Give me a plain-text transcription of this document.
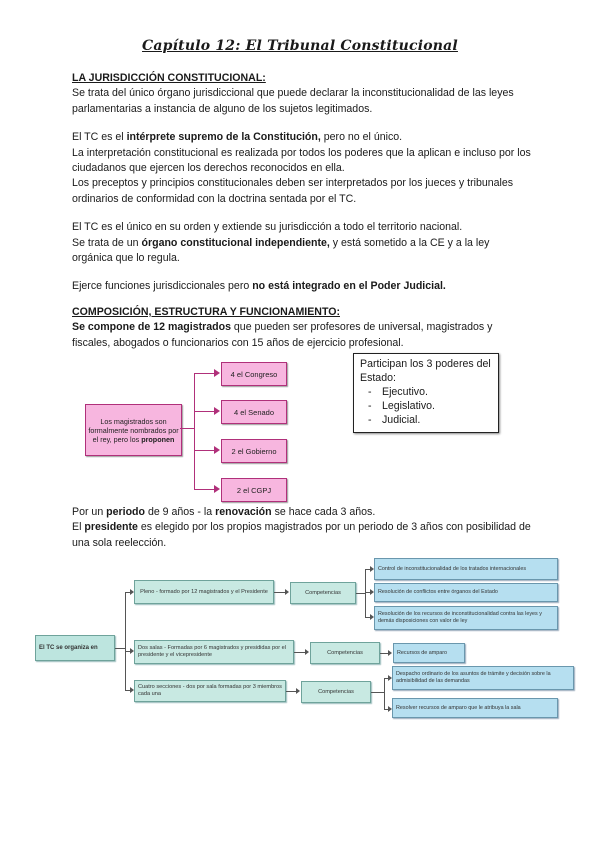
Capítulo 12: El Tribunal Constitucional

LA JURISDICCIÓN CONSTITUCIONAL:

Se trata del único órgano jurisdiccional que puede declarar la inconstitucionalidad de las leyes parlamentarias a instancia de alguno de los sujetos legitimados.

El TC es el intérprete supremo de la Constitución, pero no el único.

La interpretación constitucional es realizada por todos los poderes que la aplican e incluso por los ciudadanos que ejercen los derechos reconocidos en ella.

Los preceptos y principios constitucionales deben ser interpretados por los jueces y tribunales ordinarios de conformidad con la doctrina sentada por el TC.

El TC es el único en su orden y extiende su jurisdicción a todo el territorio nacional.

Se trata de un órgano constitucional independiente, y está sometido a la CE y a la ley orgánica que lo regula.

Ejerce funciones jurisdiccionales pero no está integrado en el Poder Judicial.

COMPOSICIÓN, ESTRUCTURA Y FUNCIONAMIENTO:

Se compone de 12 magistrados que pueden ser profesores de universal, magistrados y fiscales, abogados o funcionarios con 15 años de ejercicio profesional.

Los magistrados son formalmente nombrados por el rey, pero los proponen
4 el Congreso
4 el Senado
2 el Gobierno
2 el CGPJ
Participan los 3 poderes del Estado:
- Ejecutivo.
- Legislativo.
- Judicial.

Por un periodo de 9 años - la renovación se hace cada 3 años.

El presidente es elegido por los propios magistrados por un periodo de 3 años con posibilidad de una sola reelección.

El TC se organiza en
Pleno - formado por 12 magistrados y el Presidente
Dos salas - Formadas por 6 magistrados y presididas por el presidente y el vicepresidente
Cuatro secciones - dos por sala formadas por 3 miembros cada una
Competencias
Competencias
Competencias
Control de inconstitucionalidad de los tratados internacionales
Resolución de conflictos entre órganos del Estado
Resolución de los recursos de inconstitucionalidad contra las leyes y demás disposiciones con valor de ley
Recursos de amparo
Despacho ordinario de los asuntos de trámite y decisión sobre la admisibilidad de las demandas
Resolver recursos de amparo que le atribuya la sala
